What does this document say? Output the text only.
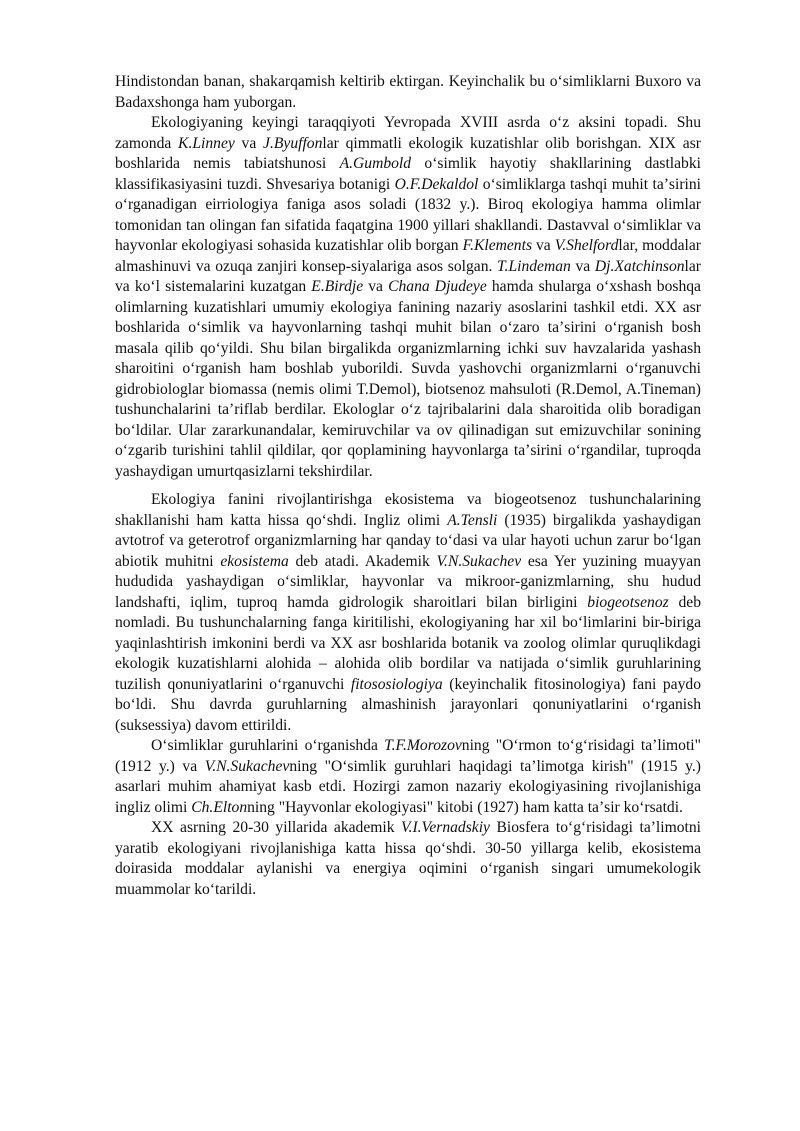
Hindistondan banan, shakarqamish keltirib ektirgan. Keyinchalik bu oʻsimliklarni Buxoro va Badaxshonga ham yuborgan.

Ekologiyaning keyingi taraqqiyoti Yevropada XVIII asrda oʻz aksini topadi. Shu zamonda K.Linney va J.Byuffonlar qimmatli ekologik kuzatishlar olib borishgan. XIX asr boshlarida nemis tabiatshunosi A.Gumbold oʻsimlik hayotiy shakllarining dastlabki klassifikasiyasini tuzdi. Shvesariya botanigi O.F.Dekaldol oʻsimliklarga tashqi muhit taʼsirini oʻrganadigan eirriologiya faniga asos soladi (1832 y.). Biroq ekologiya hamma olimlar tomonidan tan olingan fan sifatida faqatgina 1900 yillari shakllandi. Dastavval oʻsimliklar va hayvonlar ekologiyasi sohasida kuzatishlar olib borgan F.Klements va V.Shelfordlar, moddalar almashinuvi va ozuqa zanjiri konsep-siyalariga asos solgan. T.Lindeman va Dj.Xatchinsonlar va koʻl sistemalarini kuzatgan E.Birdje va Chana Djudeye hamda shularga oʻxshash boshqa olimlarning kuzatishlari umumiy ekologiya fanining nazariy asoslarini tashkil etdi. XX asr boshlarida oʻsimlik va hayvonlarning tashqi muhit bilan oʻzaro taʼsirini oʻrganish bosh masala qilib qoʻyildi. Shu bilan birgalikda organizmlarning ichki suv havzalarida yashash sharoitini oʻrganish ham boshlab yuborildi. Suvda yashovchi organizmlarni oʻrganuvchi gidrobiologlar biomassa (nemis olimi T.Demol), biotsenoz mahsuloti (R.Demol, A.Tineman) tushunchalarini taʼriflab berdilar. Ekologlar oʻz tajribalarini dala sharoitida olib boradigan boʻldilar. Ular zararkunandalar, kemiruvchilar va ov qilinadigan sut emizuvchilar sonining oʻzgarib turishini tahlil qildilar, qor qoplamining hayvonlarga taʼsirini oʻrgandilar, tuproqda yashaydigan umurtqasizlarni tekshirdilar.

Ekologiya fanini rivojlantirishga ekosistema va biogeotsenoz tushunchalarining shakllanishi ham katta hissa qoʻshdi. Ingliz olimi A.Tensli (1935) birgalikda yashaydigan avtotrof va geterotrof organizmlarning har qanday toʻdasi va ular hayoti uchun zarur boʻlgan abiotik muhitni ekosistema deb atadi. Akademik V.N.Sukachev esa Yer yuzining muayyan hududida yashaydigan oʻsimliklar, hayvonlar va mikroor-ganizmlarning, shu hudud landshafti, iqlim, tuproq hamda gidrologik sharoitlari bilan birligini biogeotsenoz deb nomladi. Bu tushunchalarning fanga kiritilishi, ekologiyaning har xil boʻlimlarini bir-biriga yaqinlashtirish imkonini berdi va XX asr boshlarida botanik va zoolog olimlar quruqlikdagi ekologik kuzatishlarni alohida – alohida olib bordilar va natijada oʻsimlik guruhlarining tuzilish qonuniyatlarini oʻrganuvchi fitososiologiya (keyinchalik fitosinologiya) fani paydo boʻldi. Shu davrda guruhlarning almashinish jarayonlari qonuniyatlarini oʻrganish (suksessiya) davom ettirildi.

Oʻsimliklar guruhlarini oʻrganishda T.F.Morozovning "Oʻrmon toʻgʻrisidagi taʼlimoti" (1912 y.) va V.N.Sukachevning "Oʻsimlik guruhlari haqidagi taʼlimotga kirish" (1915 y.) asarlari muhim ahamiyat kasb etdi. Hozirgi zamon nazariy ekologiyasining rivojlanishiga ingliz olimi Ch.Eltonning "Hayvonlar ekologiyasi" kitobi (1927) ham katta taʼsir koʻrsatdi.

XX asrning 20-30 yillarida akademik V.I.Vernadskiy Biosfera toʻgʻrisidagi taʼlimotni yaratib ekologiyani rivojlanishiga katta hissa qoʻshdi. 30-50 yillarga kelib, ekosistema doirasida moddalar aylanishi va energiya oqimini oʻrganish singari umumekologik muammolar koʻtarildi.
